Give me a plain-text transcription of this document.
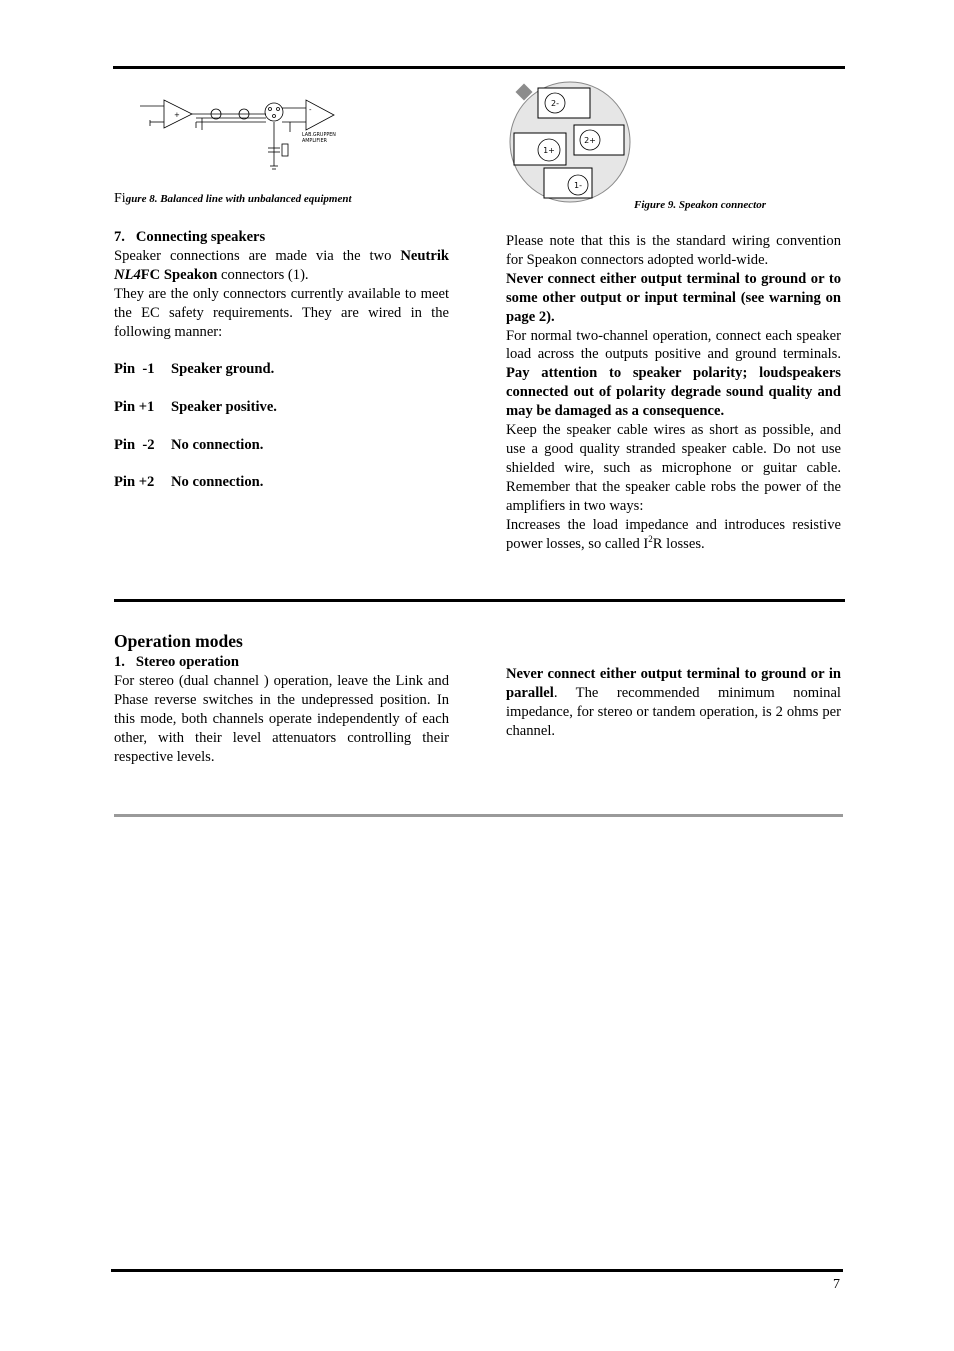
+
-
LAB.GRUPPEN
AMPLIFIER
Figure 8. Balanced line with unbalanced equipment
2-
2+
1+
1-
Figure 9. Speakon connector
7.   Connecting speakers

Speaker connections are made via the two Neutrik NL4FC Speakon connectors (1).

They are the only connectors currently available to meet the EC safety requirements. They are wired in the following manner:

Pin  -1 Speaker ground.
Pin +1 Speaker positive.
Pin  -2 No connection.
Pin +2 No connection.

Please note that this is the standard wiring convention for Speakon connectors adopted world-wide.

Never connect either output terminal to ground or to some other output or input terminal (see warning on page 2).

For normal two-channel operation, connect each speaker load across the outputs positive and ground terminals. Pay attention to speaker polarity; loudspeakers connected out of polarity degrade sound quality and may be damaged as a consequence.

Keep the speaker cable wires as short as possible, and use a good quality stranded speaker cable. Do not use shielded wire, such as microphone or guitar cable. Remember that the speaker cable robs the power of the amplifiers in two ways:

Increases the load impedance and introduces resistive power losses, so called $I^2R$ losses.

Operation modes
1.   Stereo operation

For stereo (dual channel ) operation, leave the Link and Phase reverse switches in the undepressed position. In this mode, both channels operate independently of each other, with their level attenuators controlling their respective levels.

Never connect either output terminal to ground or in parallel. The recommended minimum nominal impedance, for stereo or tandem operation, is 2 ohms per channel.

7
